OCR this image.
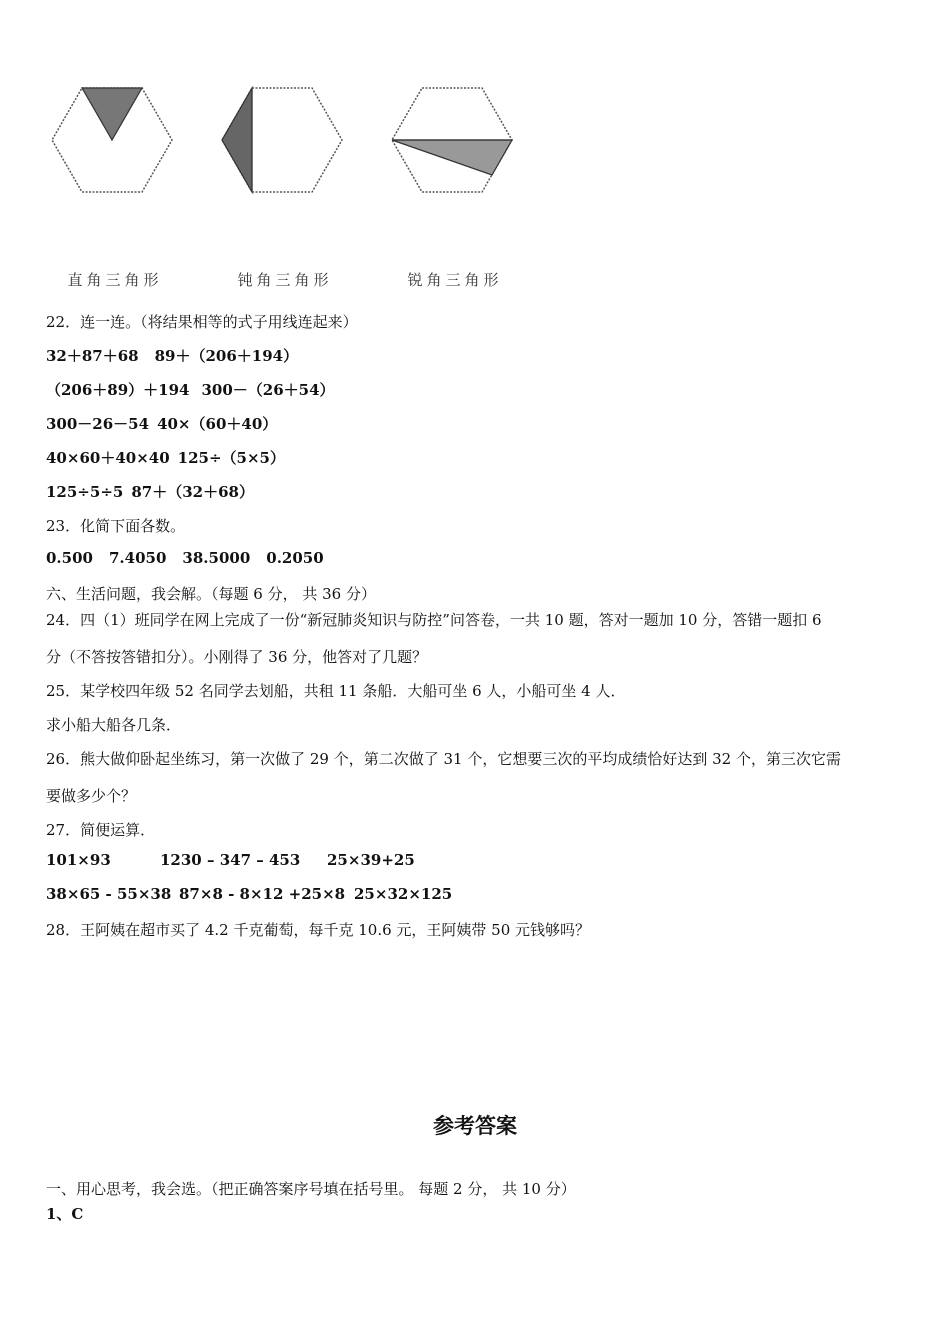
直角三角形	钝角三角形	锐角三角形
22．连一连。（将结果相等的式子用线连起来）
32＋87＋68 89＋（206＋194）
（206＋89）＋194 300－（26＋54）
300－26－54 40×（60＋40）
40×60＋40×40 125÷（5×5）
125÷5÷5 87＋（32＋68）
23．化简下面各数。
0.500 7.4050 38.5000 0.2050
六、生活问题，我会解。（每题 6 分， 共 36 分）
24．四（1）班同学在网上完成了一份“新冠肺炎知识与防控”问答卷，一共 10 题，答对一题加 10 分，答错一题扣 6
分（不答按答错扣分）。小刚得了 36 分，他答对了几题？
25．某学校四年级 52 名同学去划船，共租 11 条船．大船可坐 6 人，小船可坐 4 人．
求小船大船各几条．
26．熊大做仰卧起坐练习，第一次做了 29 个，第二次做了 31 个，它想要三次的平均成绩恰好达到 32 个，第三次它需
要做多少个？
27．简便运算．
101×93	1230 – 347 – 453 25×39+25
38×65 - 55×38 87×8 - 8×12 +25×8 25×32×125
28．王阿姨在超市买了 4.2 千克葡萄，每千克 10.6 元，王阿姨带 50 元钱够吗？
参考答案
一、用心思考，我会选。（把正确答案序号填在括号里。 每题 2 分， 共 10 分）
1、C
